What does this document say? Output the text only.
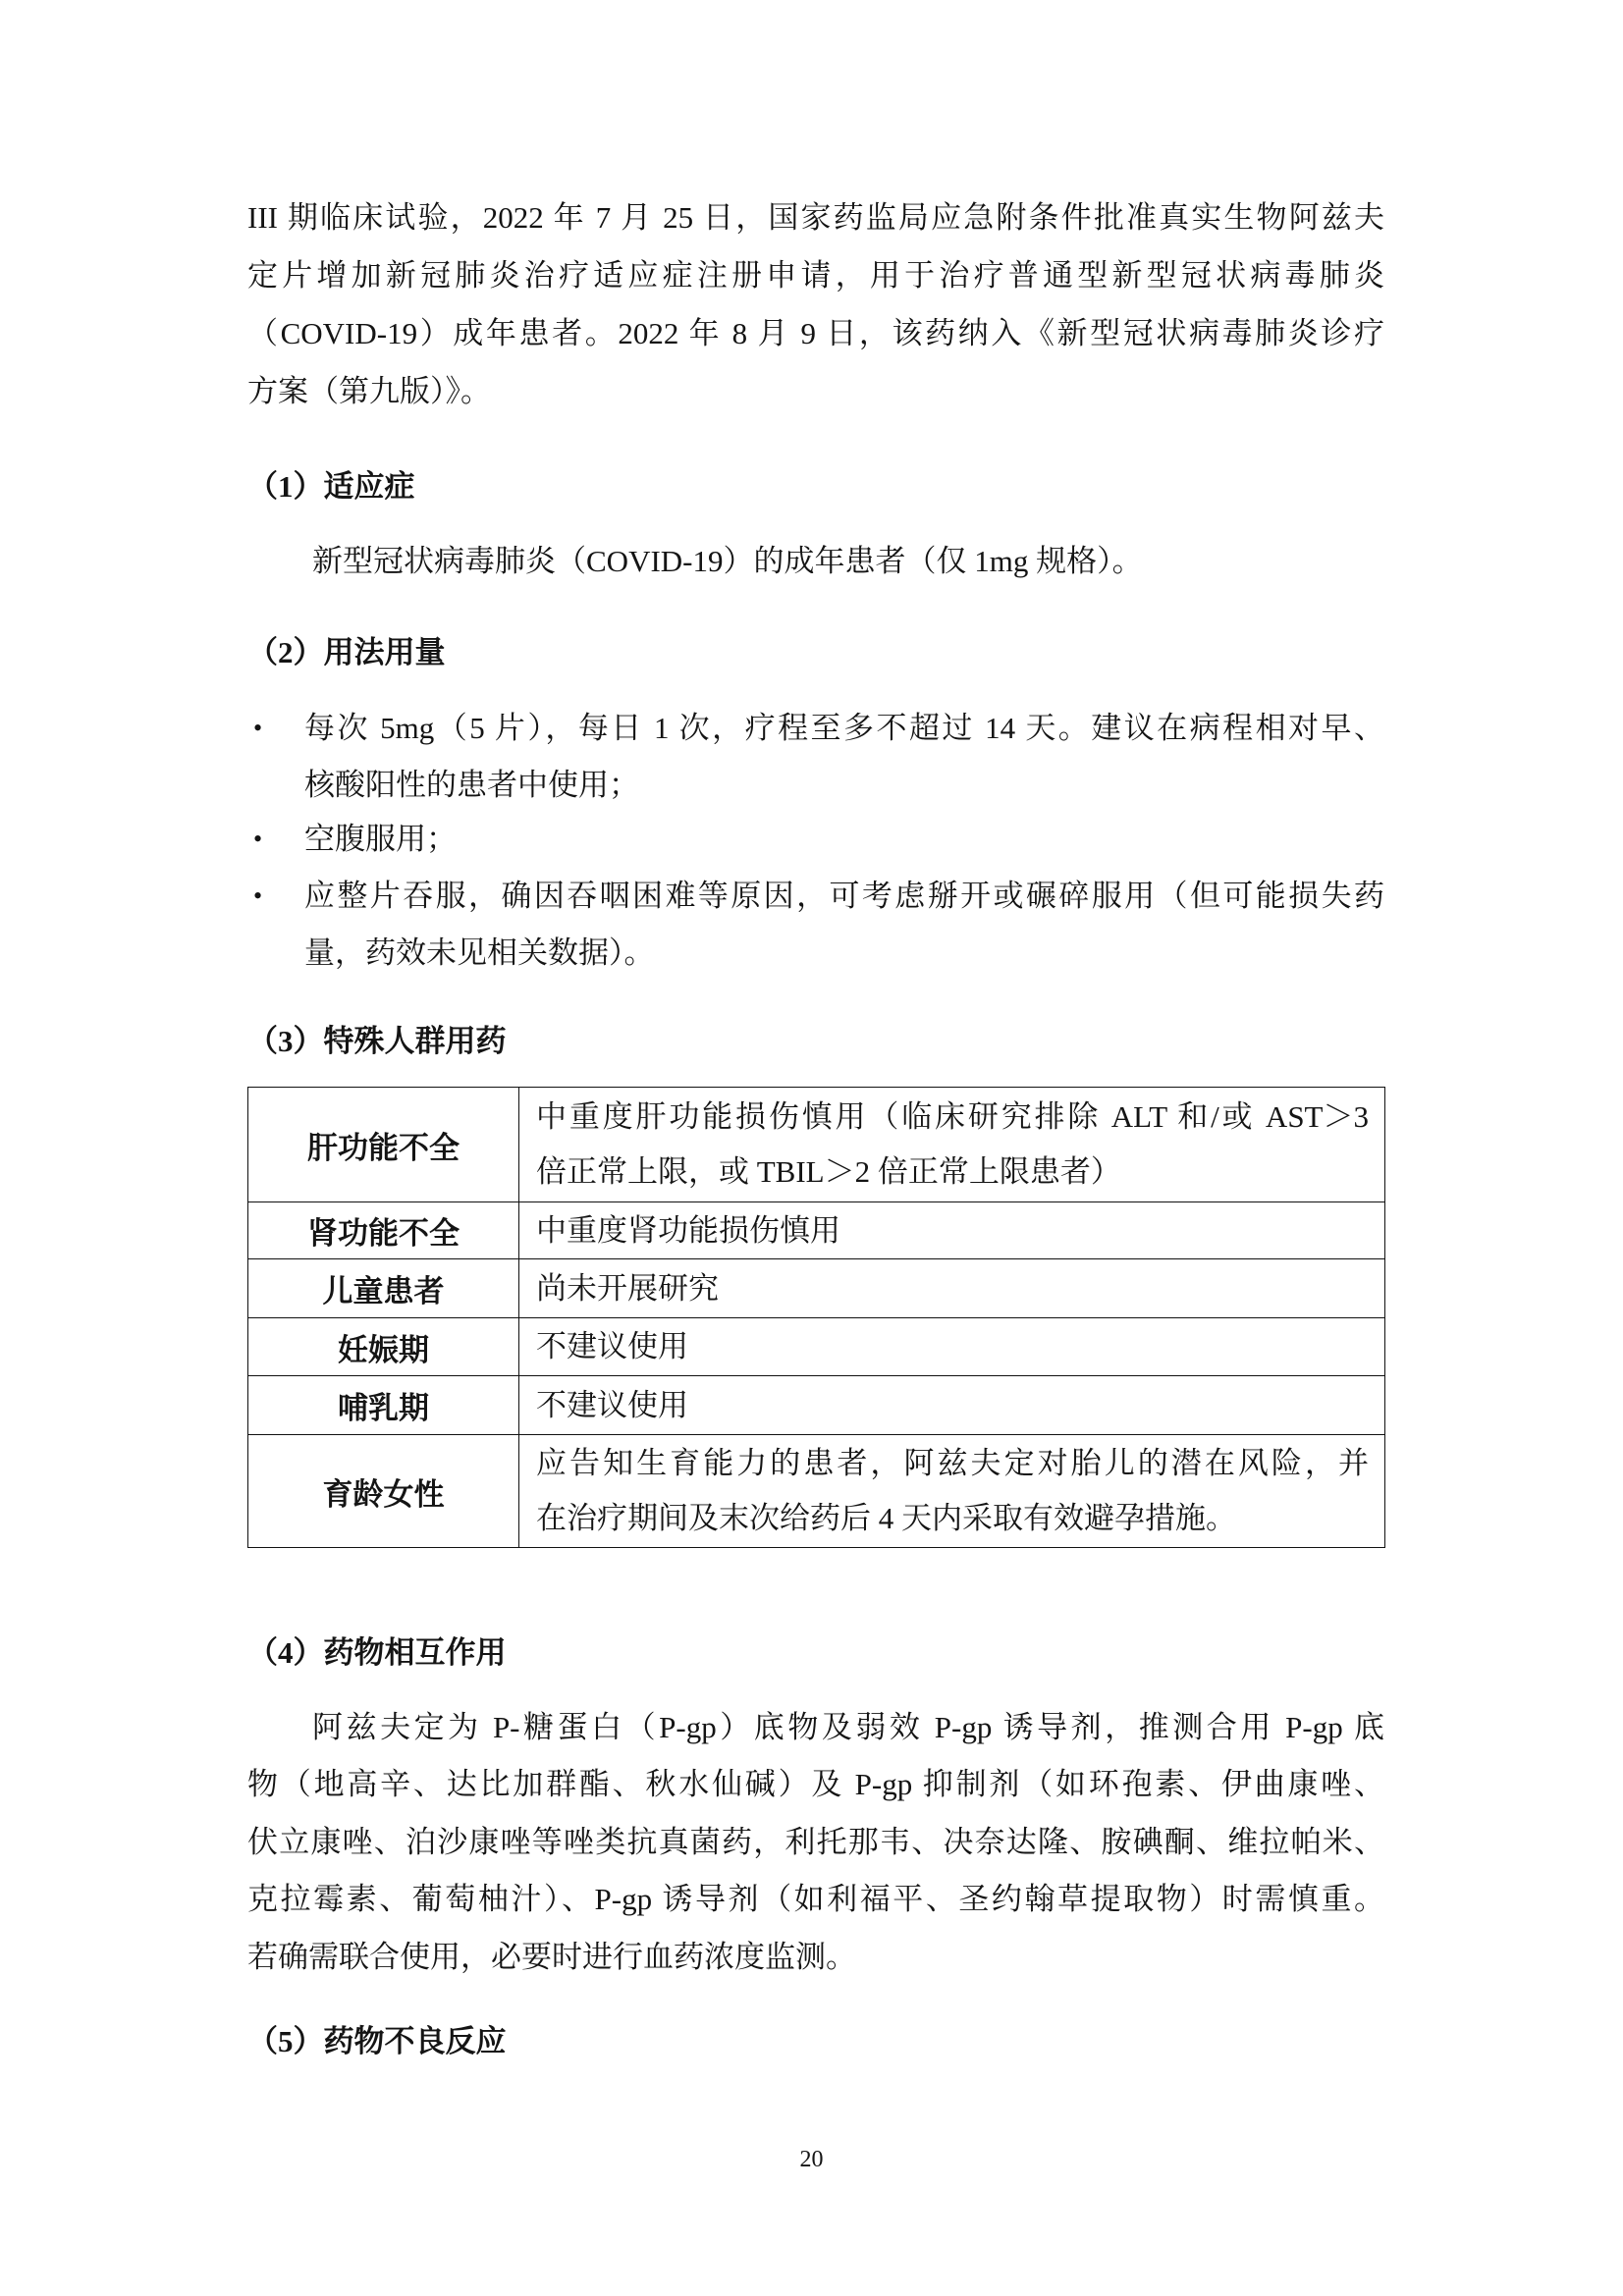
III 期临床试验，2022 年 7 月 25 日，国家药监局应急附条件批准真实生物阿兹夫
定片增加新冠肺炎治疗适应症注册申请，用于治疗普通型新型冠状病毒肺炎
（COVID-19）成年患者。2022 年 8 月 9 日，该药纳入《新型冠状病毒肺炎诊疗
方案（第九版）》。
（1）适应症
新型冠状病毒肺炎（COVID-19）的成年患者（仅 1mg 规格）。
（2）用法用量
•	每次 5mg（5 片），每日 1 次，疗程至多不超过 14 天。建议在病程相对早、
核酸阳性的患者中使用；
•	空腹服用；
•	应整片吞服，确因吞咽困难等原因，可考虑掰开或碾碎服用（但可能损失药
量，药效未见相关数据）。
（3）特殊人群用药
肝功能不全	中重度肝功能损伤慎用（临床研究排除 ALT 和/或 AST＞3
倍正常上限，或 TBIL＞2 倍正常上限患者）

肾功能不全	中重度肾功能损伤慎用

儿童患者	尚未开展研究

妊娠期	不建议使用

哺乳期	不建议使用

育龄女性	应告知生育能力的患者，阿兹夫定对胎儿的潜在风险，并
在治疗期间及末次给药后 4 天内采取有效避孕措施。
（4）药物相互作用
阿兹夫定为 P-糖蛋白（P-gp）底物及弱效 P-gp 诱导剂，推测合用 P-gp 底
物（地高辛、达比加群酯、秋水仙碱）及 P-gp 抑制剂（如环孢素、伊曲康唑、
伏立康唑、泊沙康唑等唑类抗真菌药，利托那韦、决奈达隆、胺碘酮、维拉帕米、
克拉霉素、葡萄柚汁）、P-gp 诱导剂（如利福平、圣约翰草提取物）时需慎重。
若确需联合使用，必要时进行血药浓度监测。
（5）药物不良反应
20
